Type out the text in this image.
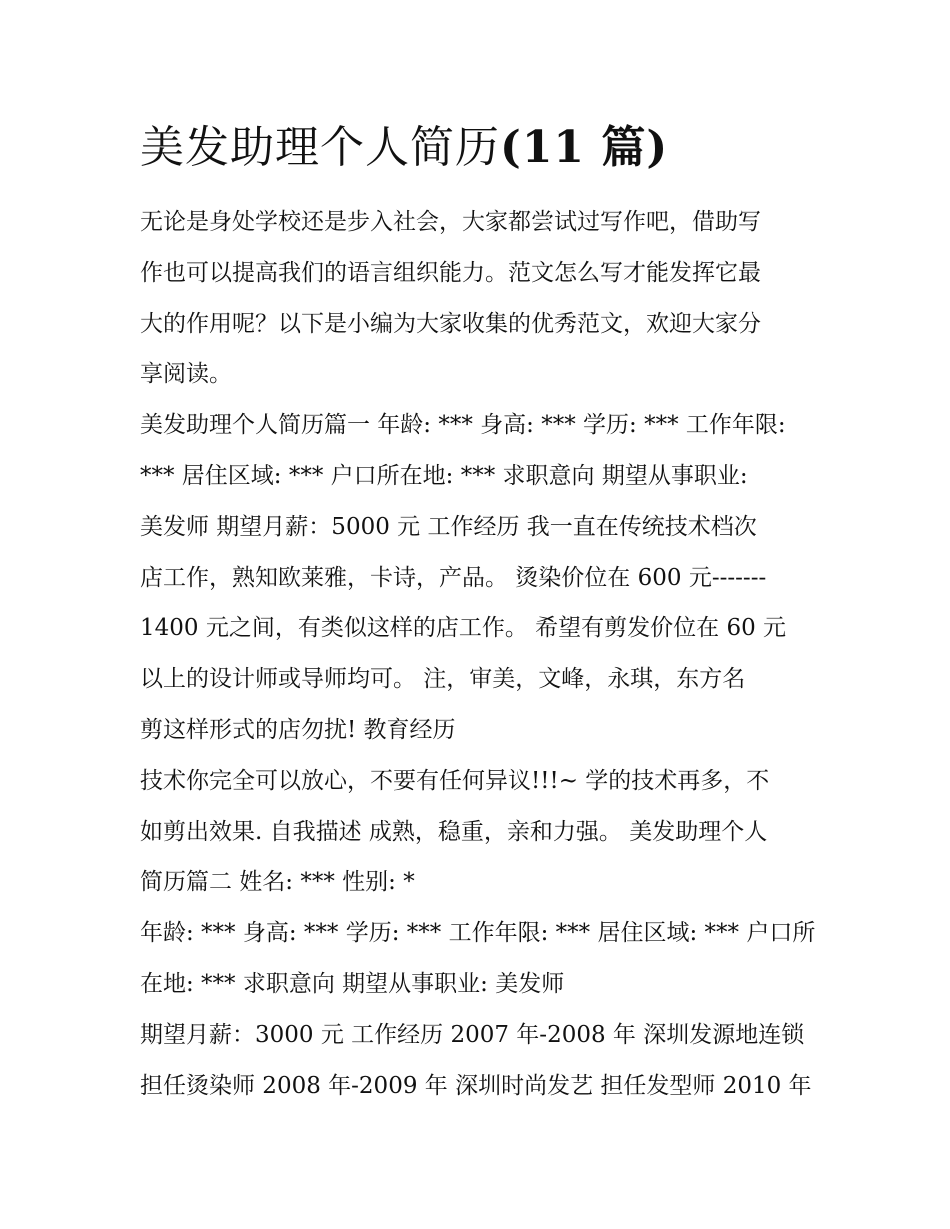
美发助理个人简历(11 篇)
无论是身处学校还是步入社会，大家都尝试过写作吧，借助写
作也可以提高我们的语言组织能力。范文怎么写才能发挥它最
大的作用呢？以下是小编为大家收集的优秀范文，欢迎大家分
享阅读。
美发助理个人简历篇一 年龄: *** 身高: *** 学历: *** 工作年限:
*** 居住区域: *** 户口所在地: *** 求职意向 期望从事职业:
美发师 期望月薪：5000 元 工作经历 我一直在传统技术档次
店工作，熟知欧莱雅，卡诗，产品。 烫染价位在 600 元-------
1400 元之间，有类似这样的店工作。 希望有剪发价位在 60 元
以上的设计师或导师均可。 注，审美，文峰，永琪，东方名
剪这样形式的店勿扰! 教育经历
技术你完全可以放心，不要有任何异议!!!~ 学的技术再多，不
如剪出效果. 自我描述 成熟，稳重，亲和力强。 美发助理个人
简历篇二 姓名: *** 性别: *
年龄: *** 身高: *** 学历: *** 工作年限: *** 居住区域: *** 户口所
在地: *** 求职意向 期望从事职业: 美发师
期望月薪：3000 元 工作经历 2007 年-2008 年 深圳发源地连锁
担任烫染师 2008 年-2009 年 深圳时尚发艺 担任发型师 2010 年
